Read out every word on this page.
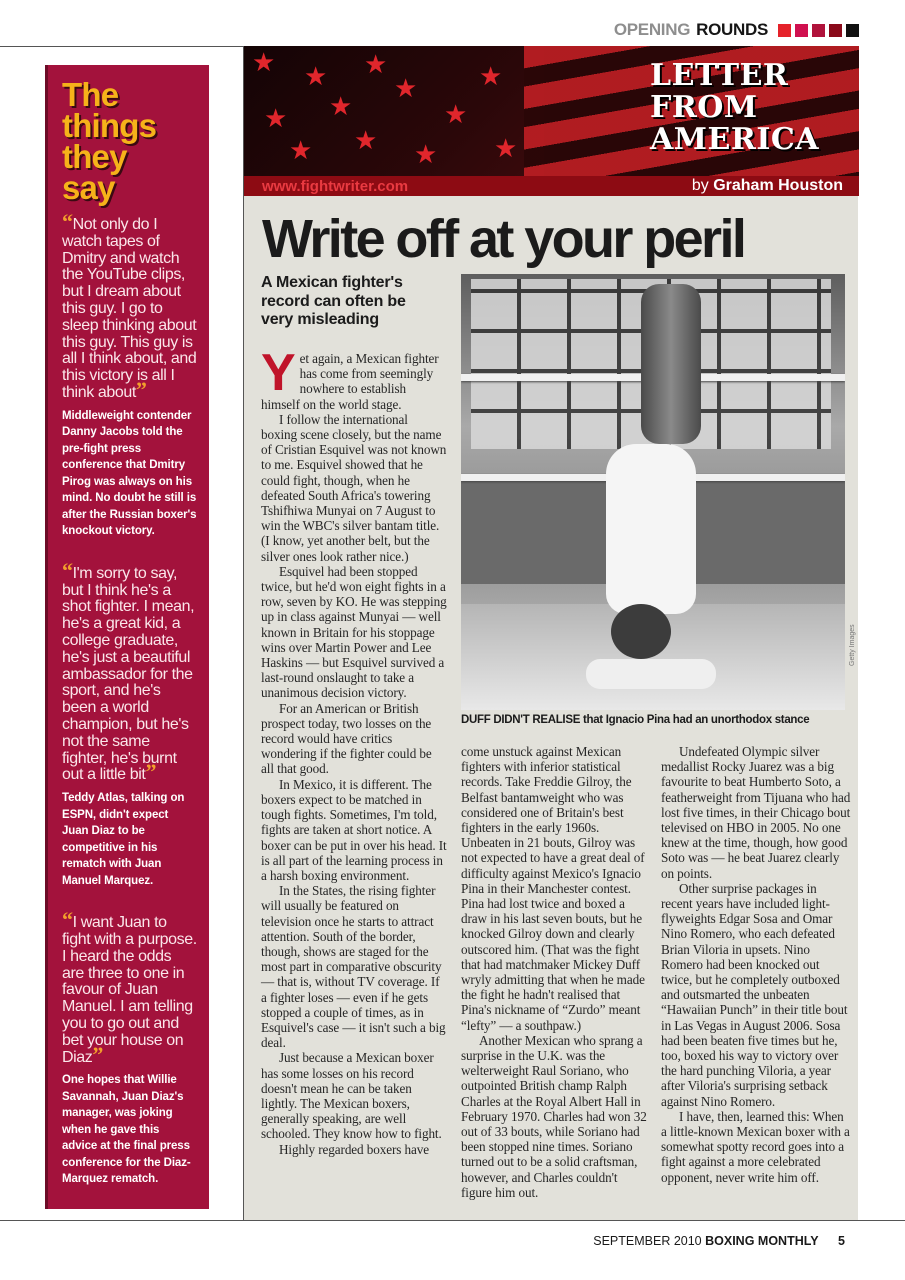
OPENING ROUNDS
The
things
they
say
“Not only do I watch tapes of Dmitry and watch the YouTube clips, but I dream about this guy. I go to sleep thinking about this guy. This guy is all I think about, and this victory is all I think about”
Middleweight contender Danny Jacobs told the pre-fight press conference that Dmitry Pirog was always on his mind. No doubt he still is after the Russian boxer's knockout victory.
“I'm sorry to say, but I think he's a shot fighter. I mean, he's a great kid, a college graduate, he's just a beautiful ambassador for the sport, and he's been a world champion, but he's not the same fighter, he's burnt out a little bit”
Teddy Atlas, talking on ESPN, didn't expect Juan Diaz to be competitive in his rematch with Juan Manuel Marquez.
“I want Juan to fight with a purpose. I heard the odds are three to one in favour of Juan Manuel. I am telling you to go out and bet your house on Diaz”
One hopes that Willie Savannah, Juan Diaz's manager, was joking when he gave this advice at the final press conference for the Diaz-Marquez rematch.
★ ★ ★
★ ★
★
★ ★ ★
★
★
★
LETTER
FROM
AMERICA
www.fightwriter.com	by Graham Houston
Write off at your peril
A Mexican fighter's record can often be very misleading
Getty Images
DUFF DIDN'T REALISE that Ignacio Pina had an unorthodox stance

Yet again, a Mexican fighter has come from seemingly nowhere to establish himself on the world stage.

I follow the international boxing scene closely, but the name of Cristian Esquivel was not known to me. Esquivel showed that he could fight, though, when he defeated South Africa's towering Tshifhiwa Munyai on 7 August to win the WBC's silver bantam title. (I know, yet another belt, but the silver ones look rather nice.)

Esquivel had been stopped twice, but he'd won eight fights in a row, seven by KO. He was stepping up in class against Munyai — well known in Britain for his stoppage wins over Martin Power and Lee Haskins — but Esquivel survived a last-round onslaught to take a unanimous decision victory.

For an American or British prospect today, two losses on the record would have critics wondering if the fighter could be all that good.

In Mexico, it is different. The boxers expect to be matched in tough fights. Sometimes, I'm told, fights are taken at short notice. A boxer can be put in over his head. It is all part of the learning process in a harsh boxing environment.

In the States, the rising fighter will usually be featured on television once he starts to attract attention. South of the border, though, shows are staged for the most part in comparative obscurity — that is, without TV coverage. If a fighter loses — even if he gets stopped a couple of times, as in Esquivel's case — it isn't such a big deal.

Just because a Mexican boxer has some losses on his record doesn't mean he can be taken lightly. The Mexican boxers, generally speaking, are well schooled. They know how to fight.

Highly regarded boxers have

come unstuck against Mexican fighters with inferior statistical records. Take Freddie Gilroy, the Belfast bantamweight who was considered one of Britain's best fighters in the early 1960s. Unbeaten in 21 bouts, Gilroy was not expected to have a great deal of difficulty against Mexico's Ignacio Pina in their Manchester contest. Pina had lost twice and boxed a draw in his last seven bouts, but he knocked Gilroy down and clearly outscored him. (That was the fight that had matchmaker Mickey Duff wryly admitting that when he made the fight he hadn't realised that Pina's nickname of “Zurdo” meant “lefty” — a southpaw.)

Another Mexican who sprang a surprise in the U.K. was the welterweight Raul Soriano, who outpointed British champ Ralph Charles at the Royal Albert Hall in February 1970. Charles had won 32 out of 33 bouts, while Soriano had been stopped nine times. Soriano turned out to be a solid craftsman, however, and Charles couldn't figure him out.

Undefeated Olympic silver medallist Rocky Juarez was a big favourite to beat Humberto Soto, a featherweight from Tijuana who had lost five times, in their Chicago bout televised on HBO in 2005. No one knew at the time, though, how good Soto was — he beat Juarez clearly on points.

Other surprise packages in recent years have included light-flyweights Edgar Sosa and Omar Nino Romero, who each defeated Brian Viloria in upsets. Nino Romero had been knocked out twice, but he completely outboxed and outsmarted the unbeaten “Hawaiian Punch” in their title bout in Las Vegas in August 2006. Sosa had been beaten five times but he, too, boxed his way to victory over the hard punching Viloria, a year after Viloria's surprising setback against Nino Romero.

I have, then, learned this: When a little-known Mexican boxer with a somewhat spotty record goes into a fight against a more celebrated opponent, never write him off.

SEPTEMBER 2010 BOXING MONTHLY 5
